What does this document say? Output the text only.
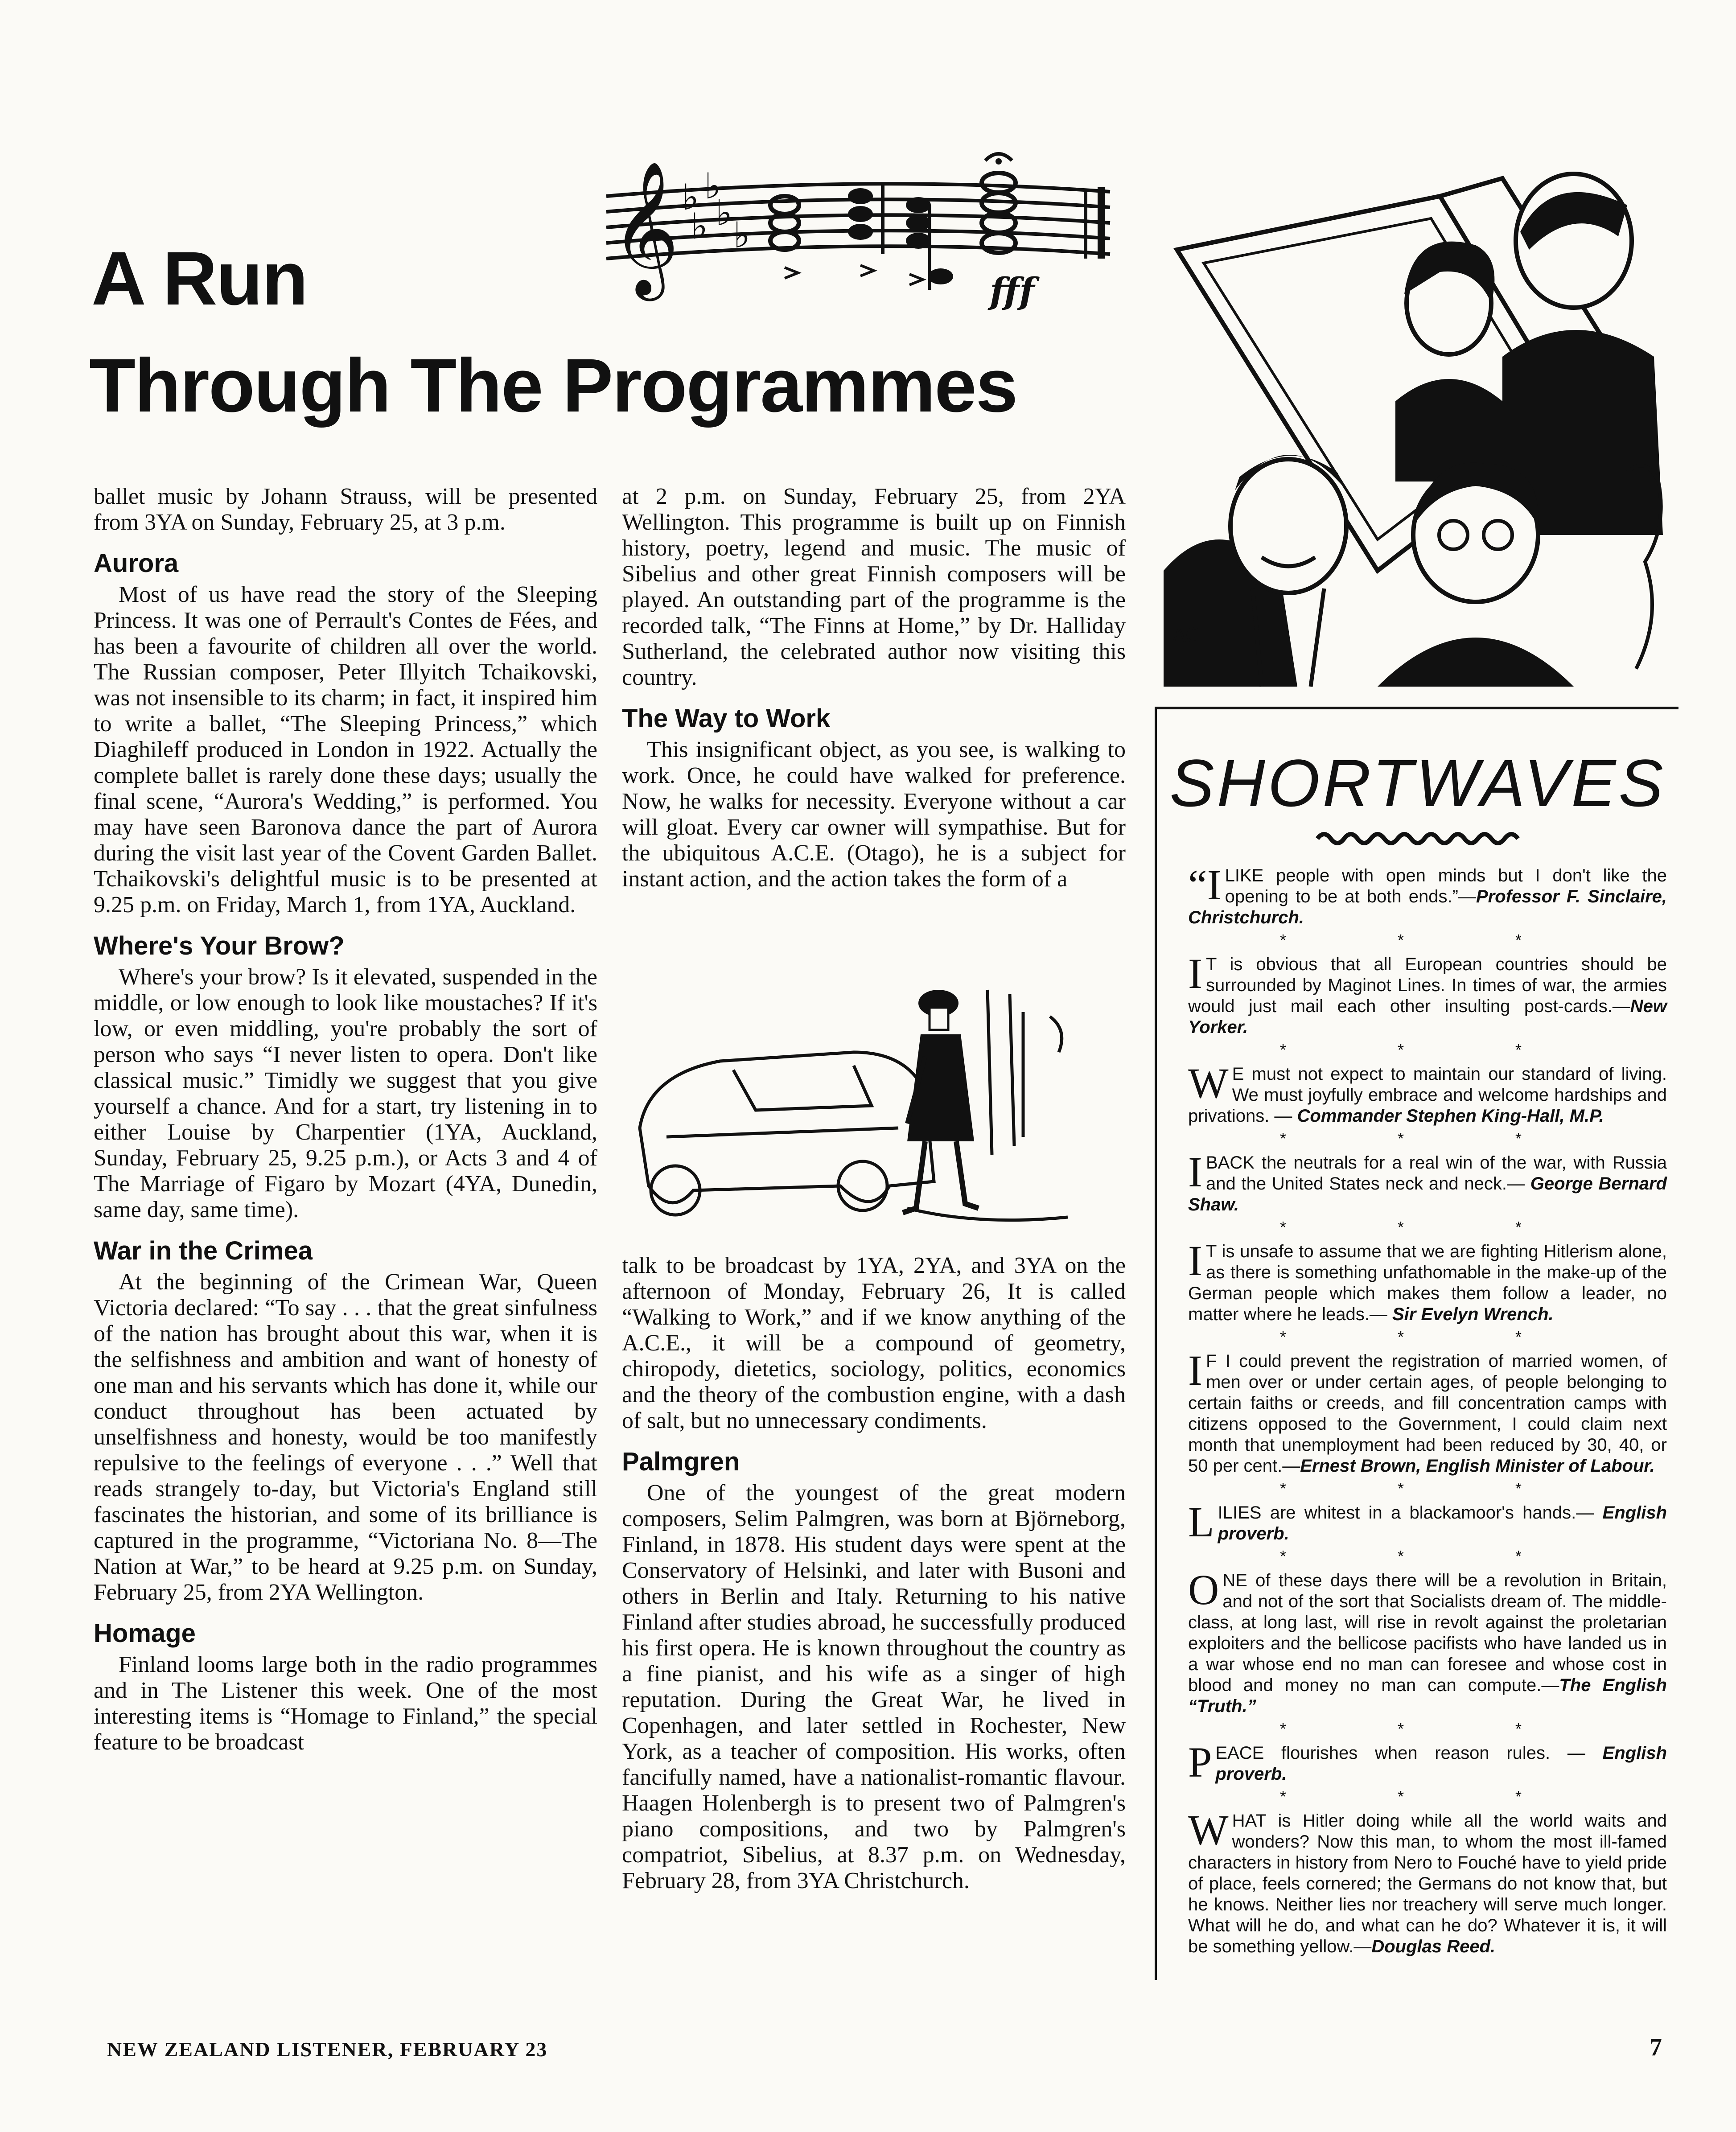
A Run
Through The Programmes
𝄞 ♭ ♭
♭ ♭
♭
fff
AC

ballet music by Johann Strauss, will be presented from 3YA on Sunday, February 25, at 3 p.m.

Aurora

Most of us have read the story of the Sleeping Princess. It was one of Perrault's Contes de Fées, and has been a favourite of children all over the world. The Russian composer, Peter Illyitch Tchaikovski, was not insensible to its charm; in fact, it inspired him to write a ballet, “The Sleeping Princess,” which Diaghileff produced in London in 1922. Actually the complete ballet is rarely done these days; usually the final scene, “Aurora's Wedding,” is performed. You may have seen Baronova dance the part of Aurora during the visit last year of the Covent Garden Ballet. Tchaikovski's delightful music is to be presented at 9.25 p.m. on Friday, March 1, from 1YA, Auckland.

Where's Your Brow?

Where's your brow? Is it elevated, suspended in the middle, or low enough to look like moustaches? If it's low, or even middling, you're probably the sort of person who says “I never listen to opera. Don't like classical music.” Timidly we suggest that you give yourself a chance. And for a start, try listening in to either Louise by Charpentier (1YA, Auckland, Sunday, February 25, 9.25 p.m.), or Acts 3 and 4 of The Marriage of Figaro by Mozart (4YA, Dunedin, same day, same time).

War in the Crimea

At the beginning of the Crimean War, Queen Victoria declared: “To say . . . that the great sinfulness of the nation has brought about this war, when it is the selfishness and ambition and want of honesty of one man and his servants which has done it, while our conduct throughout has been actuated by unselfishness and honesty, would be too manifestly repulsive to the feelings of everyone . . .” Well that reads strangely to-day, but Victoria's England still fascinates the historian, and some of its brilliance is captured in the programme, “Victoriana No. 8—The Nation at War,” to be heard at 9.25 p.m. on Sunday, February 25, from 2YA Wellington.

Homage

Finland looms large both in the radio programmes and in The Listener this week. One of the most interesting items is “Homage to Finland,” the special feature to be broadcast

at 2 p.m. on Sunday, February 25, from 2YA Wellington. This programme is built up on Finnish history, poetry, legend and music. The music of Sibelius and other great Finnish composers will be played. An outstanding part of the programme is the recorded talk, “The Finns at Home,” by Dr. Halliday Sutherland, the celebrated author now visiting this country.

The Way to Work

This insignificant object, as you see, is walking to work. Once, he could have walked for preference. Now, he walks for necessity. Everyone without a car will gloat. Every car owner will sympathise. But for the ubiquitous A.C.E. (Otago), he is a subject for instant action, and the action takes the form of a

talk to be broadcast by 1YA, 2YA, and 3YA on the afternoon of Monday, February 26, It is called “Walking to Work,” and if we know anything of the A.C.E., it will be a compound of geometry, chiropody, dietetics, sociology, politics, economics and the theory of the combustion engine, with a dash of salt, but no unnecessary condiments.

Palmgren

One of the youngest of the great modern composers, Selim Palmgren, was born at Björneborg, Finland, in 1878. His student days were spent at the Conservatory of Helsinki, and later with Busoni and others in Berlin and Italy. Returning to his native Finland after studies abroad, he successfully produced his first opera. He is known throughout the country as a fine pianist, and his wife as a singer of high reputation. During the Great War, he lived in Copenhagen, and later settled in Rochester, New York, as a teacher of composition. His works, often fancifully named, have a nationalist-romantic flavour. Haagen Holenbergh is to present two of Palmgren's piano compositions, and two by Palmgren's compatriot, Sibelius, at 8.37 p.m. on Wednesday, February 28, from 3YA Christchurch.

SHORTWAVES
“I LIKE people with open minds but I don't like the opening to be at both ends.”—Professor F. Sinclaire, Christchurch.
* * *
I T is obvious that all European countries should be surrounded by Maginot Lines. In times of war, the armies would just mail each other insulting post-cards.—New Yorker.
* * *
W E must not expect to maintain our standard of living. We must joyfully embrace and welcome hardships and privations. — Commander Stephen King-Hall, M.P.
* * *
I BACK the neutrals for a real win of the war, with Russia and the United States neck and neck.— George Bernard Shaw.
* * *
I T is unsafe to assume that we are fighting Hitlerism alone, as there is something unfathomable in the make-up of the German people which makes them follow a leader, no matter where he leads.— Sir Evelyn Wrench.
* * *
I F I could prevent the registration of married women, of men over or under certain ages, of people belonging to certain faiths or creeds, and fill concentration camps with citizens opposed to the Government, I could claim next month that unemployment had been reduced by 30, 40, or 50 per cent.—Ernest Brown, English Minister of Labour.
* * *
LILIES are whitest in a blackamoor's hands.— English proverb.
* * *
ONE of these days there will be a revolution in Britain, and not of the sort that Socialists dream of. The middle-class, at long last, will rise in revolt against the proletarian exploiters and the bellicose pacifists who have landed us in a war whose end no man can foresee and whose cost in blood and money no man can compute.—The English “Truth.”
* * *
PEACE flourishes when reason rules. — English proverb.
* * *
WHAT is Hitler doing while all the world waits and wonders? Now this man, to whom the most ill-famed characters in history from Nero to Fouché have to yield pride of place, feels cornered; the Germans do not know that, but he knows. Neither lies nor treachery will serve much longer. What will he do, and what can he do? Whatever it is, it will be something yellow.—Douglas Reed.
NEW ZEALAND LISTENER, FEBRUARY 23	7
